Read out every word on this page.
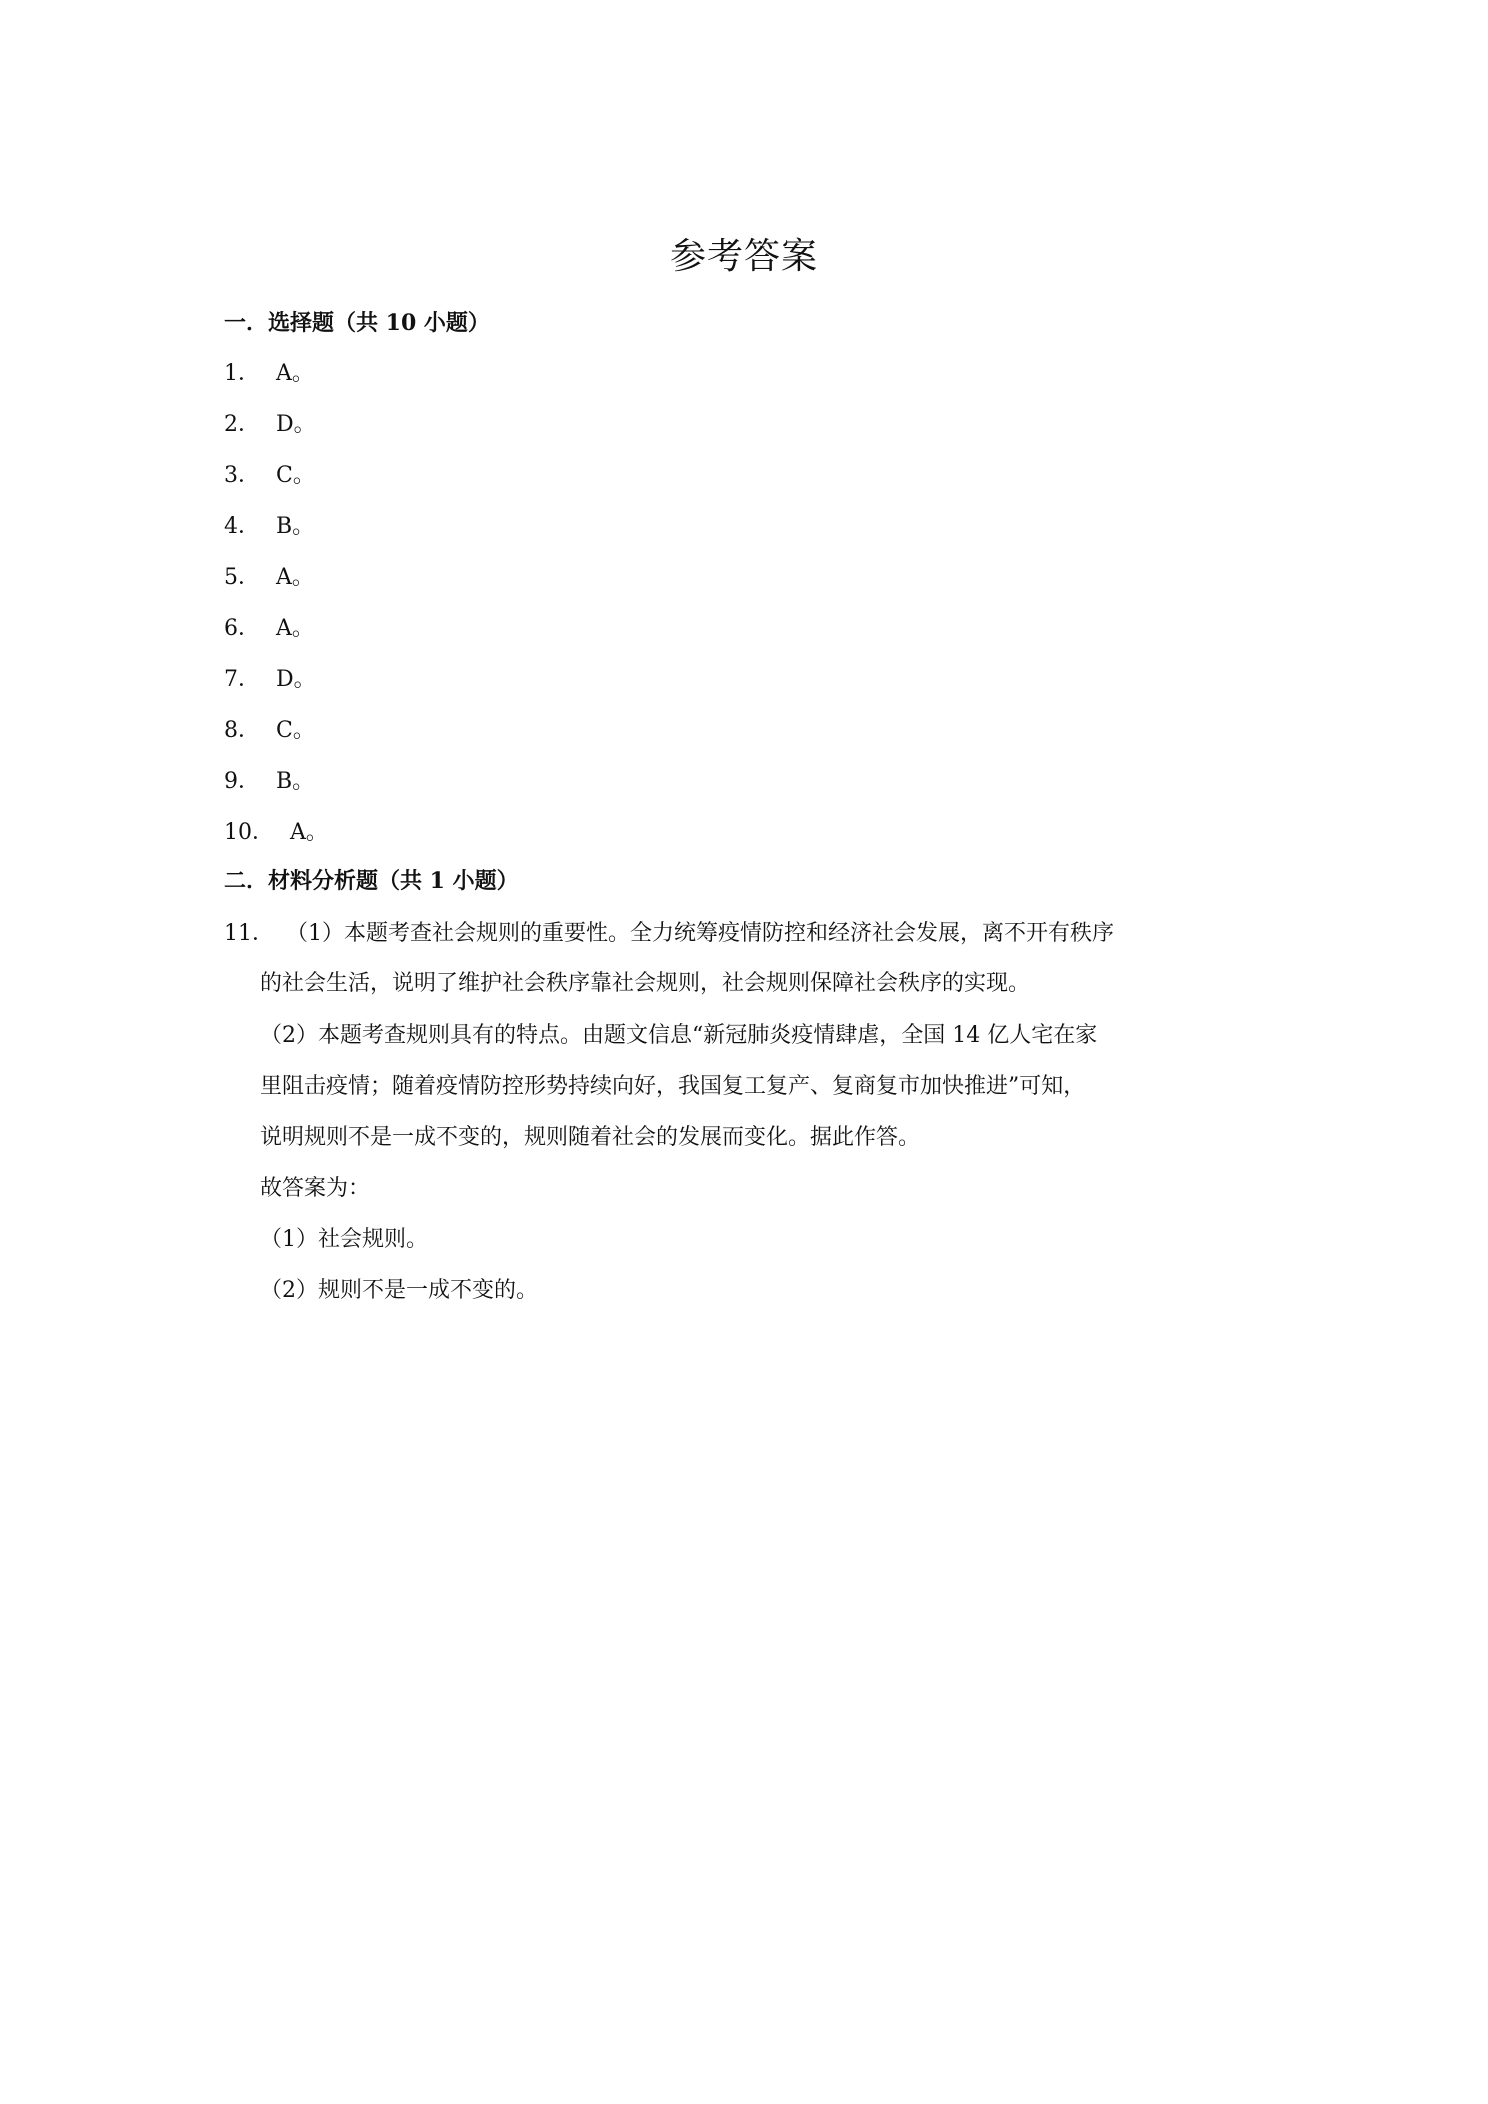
参考答案
一．选择题（共 10 小题）
1． A。
2． D。
3． C。
4． B。
5． A。
6． A。
7． D。
8． C。
9． B。
10． A。
二．材料分析题（共 1 小题）
11． （1）本题考查社会规则的重要性。全力统筹疫情防控和经济社会发展，离不开有秩序
的社会生活，说明了维护社会秩序靠社会规则，社会规则保障社会秩序的实现。
（2）本题考查规则具有的特点。由题文信息“新冠肺炎疫情肆虐，全国 14 亿人宅在家
里阻击疫情；随着疫情防控形势持续向好，我国复工复产、复商复市加快推进”可知，
说明规则不是一成不变的，规则随着社会的发展而变化。据此作答。
故答案为：
（1）社会规则。
（2）规则不是一成不变的。
